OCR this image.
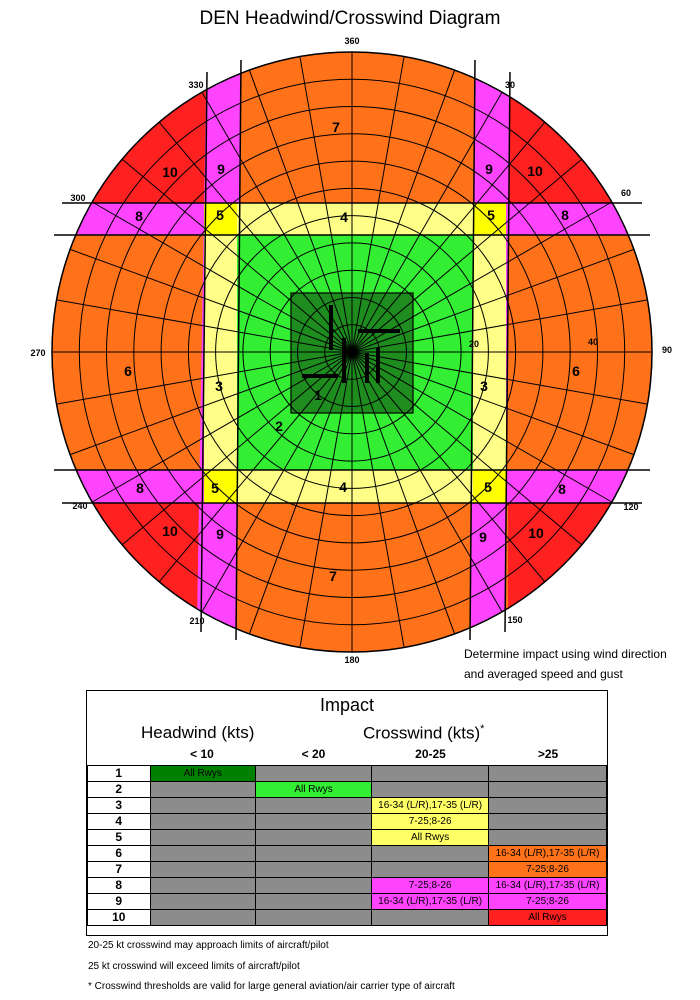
DEN Headwind/Crosswind Diagram
1
2
3	3
4
4
5	5
5	5
6	6
7
7
8	8
8	8
9	9
9	9
10	10
10	10
360
30
60
90
120
150
180
210
240
270
300
330
20	40
Determine impact using wind direction
and averaged speed and gust
Impact
Headwind (kts)	Crosswind (kts)*
< 10	< 20	20-25	>25
1	All Rwys			
2		All Rwys		
3			16-34 (L/R),17-35 (L/R)	
4			7-25;8-26	
5			All Rwys	
6				16-34 (L/R),17-35 (L/R)
7				7-25;8-26
8			7-25;8-26	16-34 (L/R),17-35 (L/R)
9			16-34 (L/R),17-35 (L/R)	7-25;8-26
10				All Rwys
20-25 kt crosswind may approach limits of aircraft/pilot
25 kt crosswind will exceed limits of aircraft/pilot
* Crosswind thresholds are valid for large general aviation/air carrier type of aircraft
